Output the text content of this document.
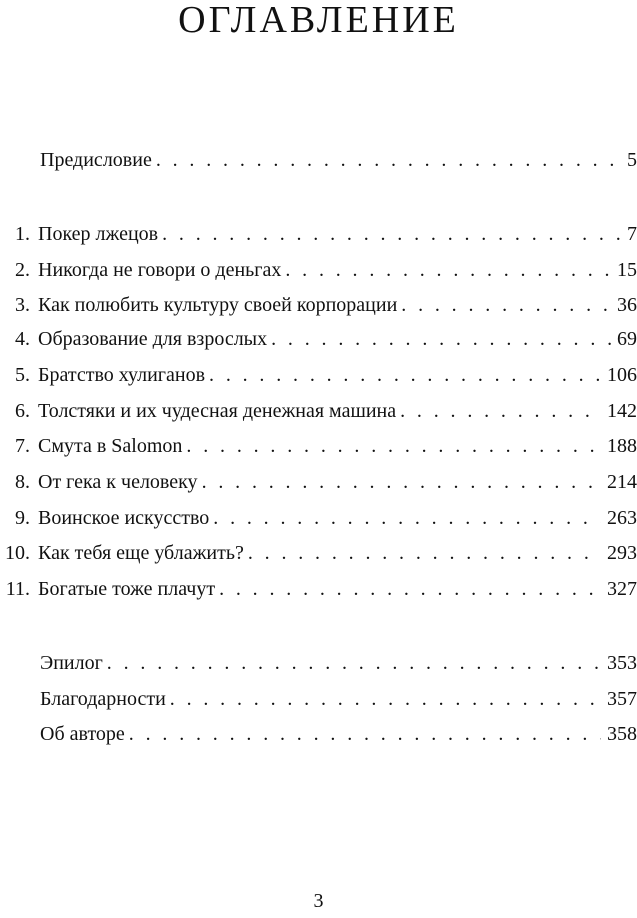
ОГЛАВЛЕНИЕ
Предисловие . . .	5
1. Покер лжецов . . .	7
2. Никогда не говори о деньгах . . .	15
3. Как полюбить культуру своей корпорации . . .	36
4. Образование для взрослых . . .	69
5. Братство хулиганов . . .	106
6. Толстяки и их чудесная денежная машина . . .	142
7. Смута в Salomon . . .	188
8. От гека к человеку . . .	214
9. Воинское искусство . . .	263
10. Как тебя еще ублажить? . . .	293
11. Богатые тоже плачут . . .	327
Эпилог . . .	353
Благодарности . . .	357
Об авторе . . .	358
3
